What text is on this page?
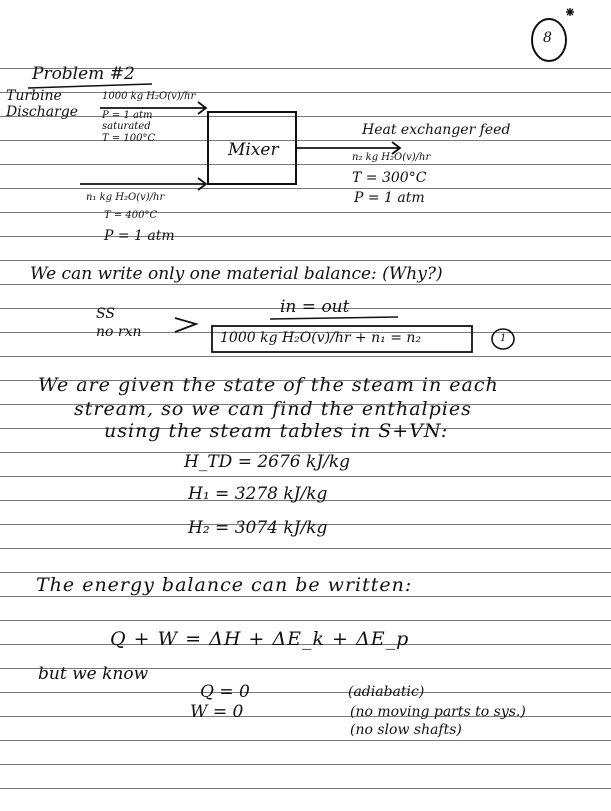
8
Problem #2
Turbine
Discharge
1000 kg H₂O(v)/hr
P = 1 atm
saturated
T = 100°C
Mixer
Heat exchanger feed
n₂ kg H₂O(v)/hr
T = 300°C
P = 1 atm
n₁ kg H₂O(v)/hr
T = 400°C
P = 1 atm
We can write only one material balance: (Why?)
SS
no rxn
in = out
1000 kg H₂O(v)/hr + n₁ = n₂	1
We are given the state of the steam in each
stream, so we can find the enthalpies
using the steam tables in S+VN:
H_TD = 2676 kJ/kg
H₁ = 3278 kJ/kg
H₂ = 3074 kJ/kg
The energy balance can be written:
Q + W = ΔH + ΔE_k + ΔE_p
but we know
Q = 0	(adiabatic)
W = 0	(no moving parts to sys.)
(no slow shafts)
